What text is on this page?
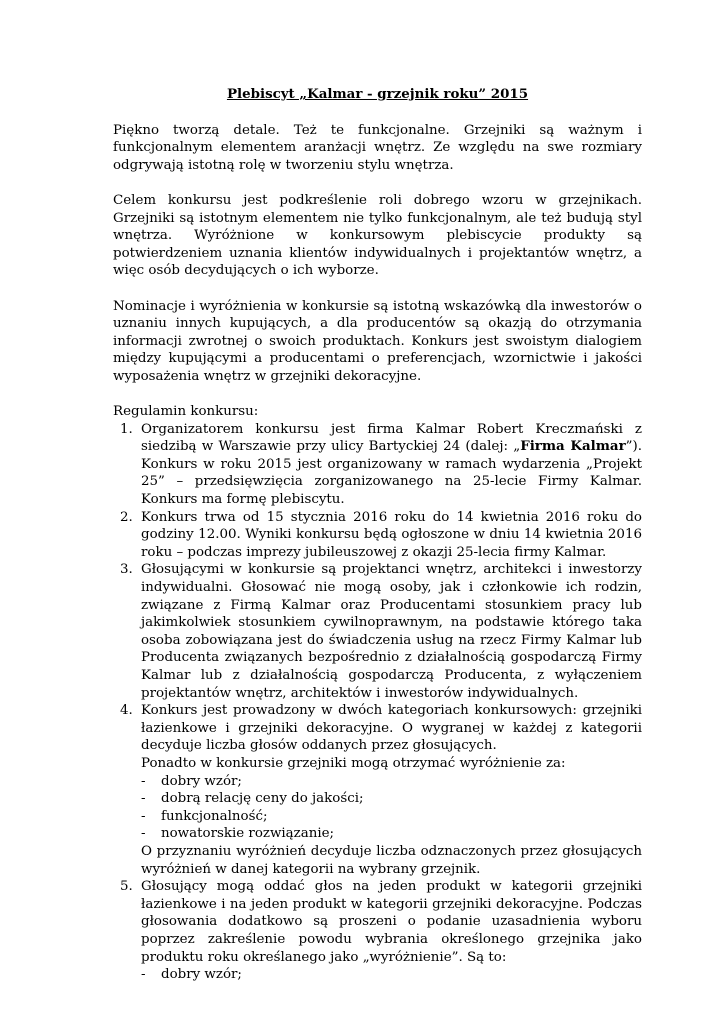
Plebiscyt „Kalmar - grzejnik roku” 2015

Piękno tworzą detale. Też te funkcjonalne. Grzejniki są ważnym i funkcjonalnym elementem aranżacji wnętrz. Ze względu na swe rozmiary odgrywają istotną rolę w tworzeniu stylu wnętrza.

Celem konkursu jest podkreślenie roli dobrego wzoru w grzejnikach. Grzejniki są istotnym elementem nie tylko funkcjonalnym, ale też budują styl wnętrza. Wyróżnione w konkursowym plebiscycie produkty są potwierdzeniem uznania klientów indywidualnych i projektantów wnętrz, a więc osób decydujących o ich wyborze.

Nominacje i wyróżnienia w konkursie są istotną wskazówką dla inwestorów o uznaniu innych kupujących, a dla producentów są okazją do otrzymania informacji zwrotnej o swoich produktach. Konkurs jest swoistym dialogiem między kupującymi a producentami o preferencjach, wzornictwie i jakości wyposażenia wnętrz w grzejniki dekoracyjne.

Regulamin konkursu:
1. Organizatorem konkursu jest firma Kalmar Robert Kreczmański z siedzibą w Warszawie przy ulicy Bartyckiej 24 (dalej: „Firma Kalmar”). Konkurs w roku 2015 jest organizowany w ramach wydarzenia „Projekt 25” – przedsięwzięcia zorganizowanego na 25-lecie Firmy Kalmar. Konkurs ma formę plebiscytu.
2. Konkurs trwa od 15 stycznia 2016 roku do 14 kwietnia 2016 roku do godziny 12.00. Wyniki konkursu będą ogłoszone w dniu 14 kwietnia 2016 roku – podczas imprezy jubileuszowej z okazji 25-lecia firmy Kalmar.
3. Głosującymi w konkursie są projektanci wnętrz, architekci i inwestorzy indywidualni. Głosować nie mogą osoby, jak i członkowie ich rodzin, związane z Firmą Kalmar oraz Producentami stosunkiem pracy lub jakimkolwiek stosunkiem cywilnoprawnym, na podstawie którego taka osoba zobowiązana jest do świadczenia usług na rzecz Firmy Kalmar lub Producenta związanych bezpośrednio z działalnością gospodarczą Firmy Kalmar lub z działalnością gospodarczą Producenta, z wyłączeniem projektantów wnętrz, architektów i inwestorów indywidualnych.
4. Konkurs jest prowadzony w dwóch kategoriach konkursowych: grzejniki łazienkowe i grzejniki dekoracyjne. O wygranej w każdej z kategorii decyduje liczba głosów oddanych przez głosujących.
Ponadto w konkursie grzejniki mogą otrzymać wyróżnienie za:
- dobry wzór;
- dobrą relację ceny do jakości;
- funkcjonalność;
- nowatorskie rozwiązanie;
O przyznaniu wyróżnień decyduje liczba odznaczonych przez głosujących wyróżnień w danej kategorii na wybrany grzejnik.
5. Głosujący mogą oddać głos na jeden produkt w kategorii grzejniki łazienkowe i na jeden produkt w kategorii grzejniki dekoracyjne. Podczas głosowania dodatkowo są proszeni o podanie uzasadnienia wyboru poprzez zakreślenie powodu wybrania określonego grzejnika jako produktu roku określanego jako „wyróżnienie”. Są to:
- dobry wzór;
